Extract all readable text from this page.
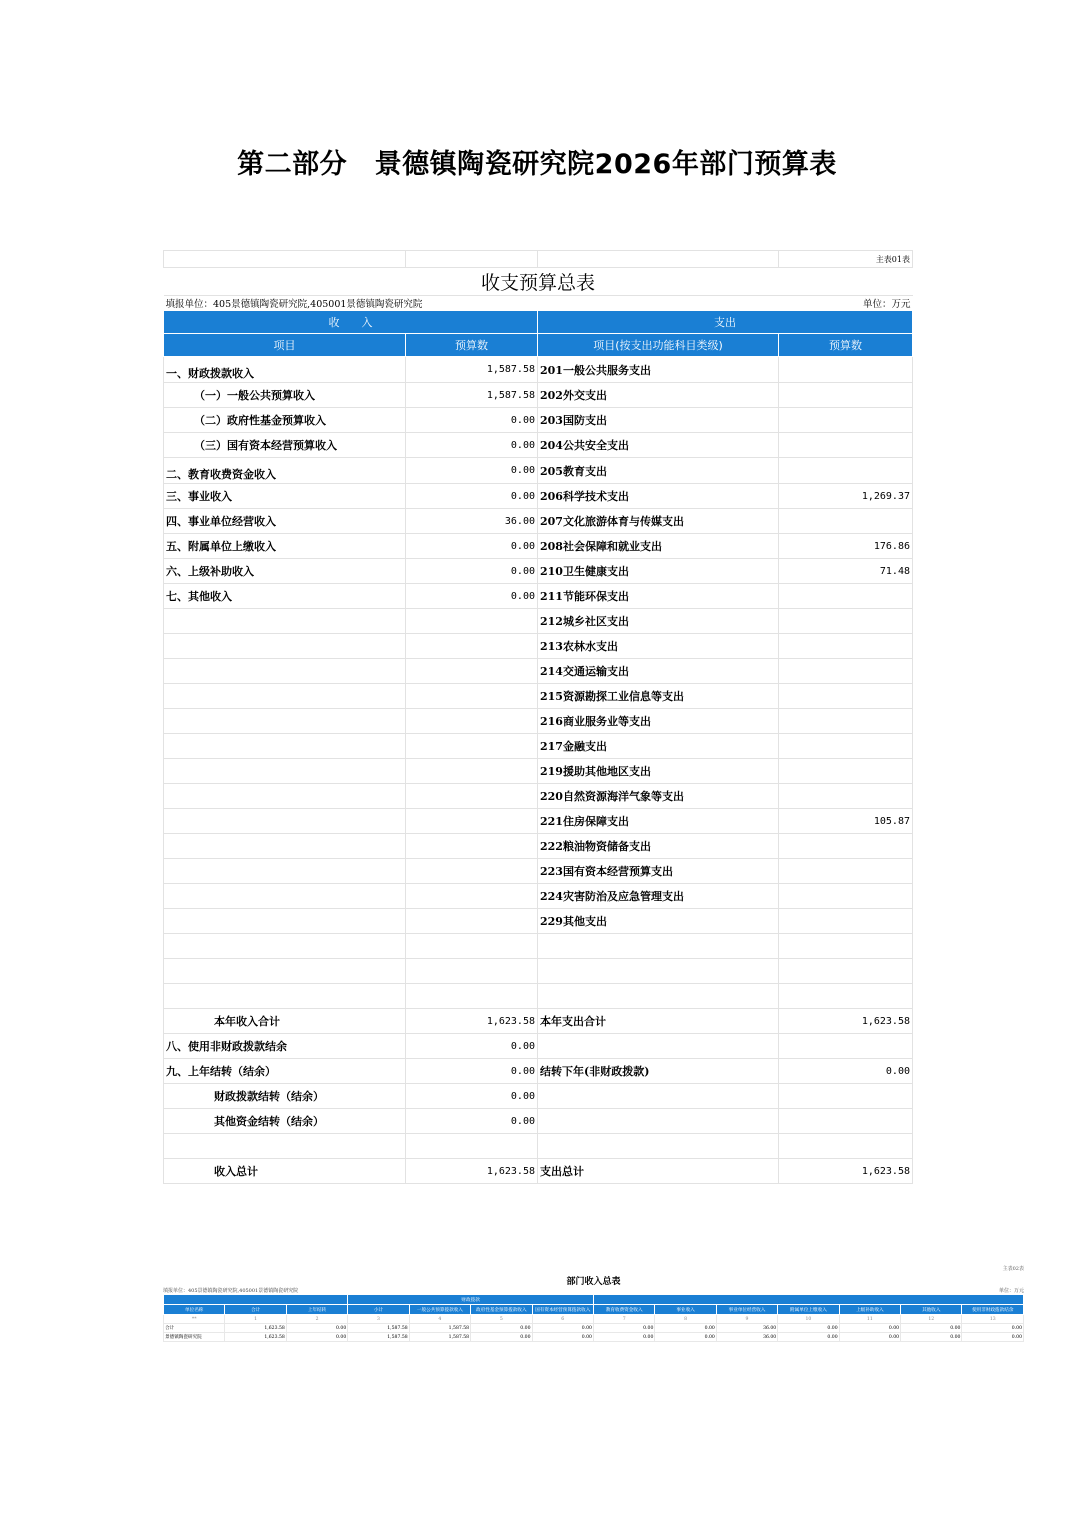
第二部分　景德镇陶瓷研究院2026年部门预算表
			主表01表
收支预算总表			
填报单位：405景德镇陶瓷研究院,405001景德镇陶瓷研究院			单位：万元
收　　入		支出	
项目	预算数	项目(按支出功能科目类级)	预算数
一、财政拨款收入	1,587.58	201一般公共服务支出	
（一）一般公共预算收入	1,587.58	202外交支出	
（二）政府性基金预算收入	0.00	203国防支出	
（三）国有资本经营预算收入	0.00	204公共安全支出	
二、教育收费资金收入	0.00	205教育支出	
三、事业收入	0.00	206科学技术支出	1,269.37
四、事业单位经营收入	36.00	207文化旅游体育与传媒支出	
五、附属单位上缴收入	0.00	208社会保障和就业支出	176.86
六、上级补助收入	0.00	210卫生健康支出	71.48
七、其他收入	0.00	211节能环保支出	
		212城乡社区支出	
		213农林水支出	
		214交通运输支出	
		215资源勘探工业信息等支出	
		216商业服务业等支出	
		217金融支出	
		219援助其他地区支出	
		220自然资源海洋气象等支出	
		221住房保障支出	105.87
		222粮油物资储备支出	
		223国有资本经营预算支出	
		224灾害防治及应急管理支出	
		229其他支出	

本年收入合计	1,623.58	本年支出合计	1,623.58
八、使用非财政拨款结余	0.00		
九、上年结转（结余）	0.00	结转下年(非财政拨款)	0.00
财政拨款结转（结余）	0.00		
其他资金结转（结余）	0.00		

收入总计	1,623.58	支出总计	1,623.58
主表02表
部门收入总表
填报单位：405景德镇陶瓷研究院,405001景德镇陶瓷研究院	单位：万元
			财政拨款										
单位名称	合计	上年结转	小计	一般公共预算拨款收入	政府性基金预算拨款收入	国有资本经营预算拨款收入	教育收费资金收入	事业收入	事业单位经营收入	附属单位上缴收入	上级补助收入	其他收入	使用非财政拨款结余
**	1	2	3	4	5	6	7	8	9	10	11	12	13
合计	1,623.58	0.00	1,587.58	1,587.58	0.00	0.00	0.00	0.00	36.00	0.00	0.00	0.00	0.00
景德镇陶瓷研究院	1,623.58	0.00	1,587.58	1,587.58	0.00	0.00	0.00	0.00	36.00	0.00	0.00	0.00	0.00
